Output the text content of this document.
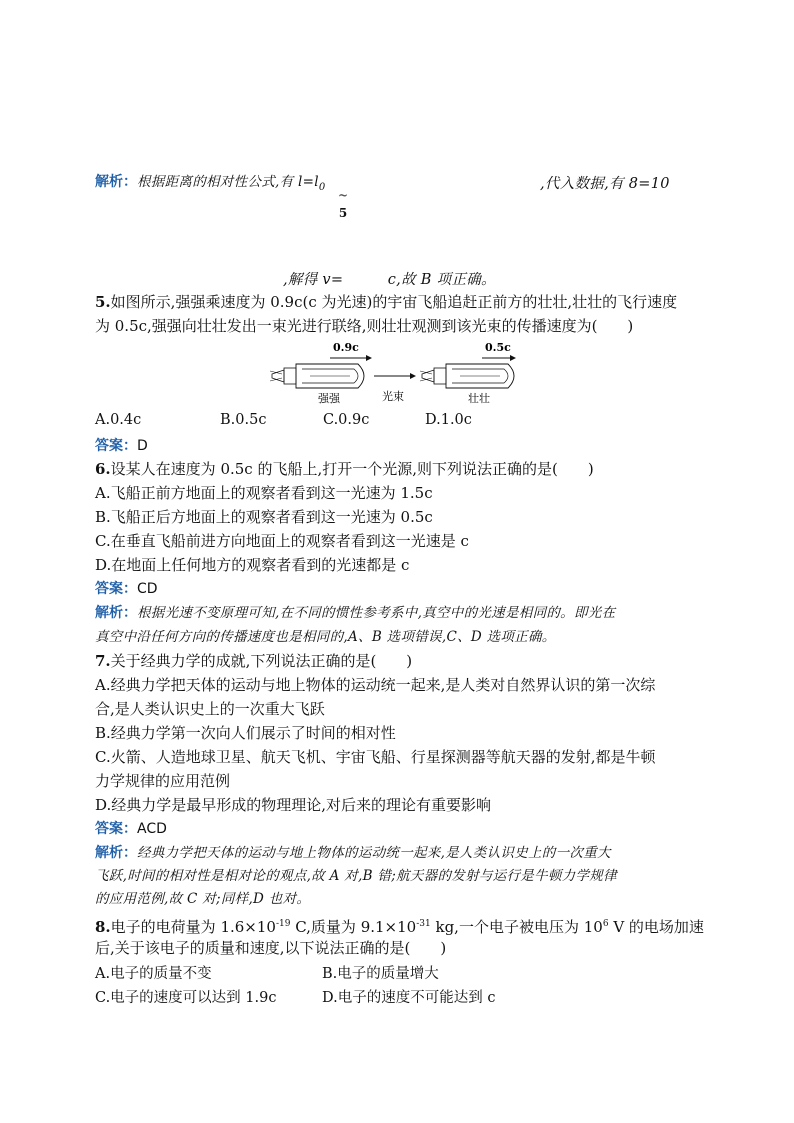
解析：根据距离的相对性公式,有 $l=l_0$
~
5
,代入数据,有 8=10
,解得 v=　　　c,故 B 项正确。
5.如图所示,强强乘速度为 0.9c(c 为光速)的宇宙飞船追赶正前方的壮壮,壮壮的飞行速度
为 0.5c,强强向壮壮发出一束光进行联络,则壮壮观测到该光束的传播速度为(　　)
0.9c
强强	光束
0.5c
壮壮
A.0.4c	B.0.5c	C.0.9c	D.1.0c
答案：D
6.设某人在速度为 0.5c 的飞船上,打开一个光源,则下列说法正确的是(　　)
A.飞船正前方地面上的观察者看到这一光速为 1.5c
B.飞船正后方地面上的观察者看到这一光速为 0.5c
C.在垂直飞船前进方向地面上的观察者看到这一光速是 c
D.在地面上任何地方的观察者看到的光速都是 c
答案：CD
解析：根据光速不变原理可知,在不同的惯性参考系中,真空中的光速是相同的。即光在
真空中沿任何方向的传播速度也是相同的,A、B 选项错误,C、D 选项正确。
7.关于经典力学的成就,下列说法正确的是(　　)
A.经典力学把天体的运动与地上物体的运动统一起来,是人类对自然界认识的第一次综
合,是人类认识史上的一次重大飞跃
B.经典力学第一次向人们展示了时间的相对性
C.火箭、人造地球卫星、航天飞机、宇宙飞船、行星探测器等航天器的发射,都是牛顿
力学规律的应用范例
D.经典力学是最早形成的物理理论,对后来的理论有重要影响
答案：ACD
解析：经典力学把天体的运动与地上物体的运动统一起来,是人类认识史上的一次重大
飞跃,时间的相对性是相对论的观点,故 A 对,B 错;航天器的发射与运行是牛顿力学规律
的应用范例,故 C 对;同样,D 也对。
8.电子的电荷量为 $1.6\times 10^{-19}$ C,质量为 $9.1\times 10^{-31}$ kg,一个电子被电压为 $10^6$ V 的电场加速
后,关于该电子的质量和速度,以下说法正确的是(　　)
A.电子的质量不变	B.电子的质量增大
C.电子的速度可以达到 1.9c	D.电子的速度不可能达到 c
